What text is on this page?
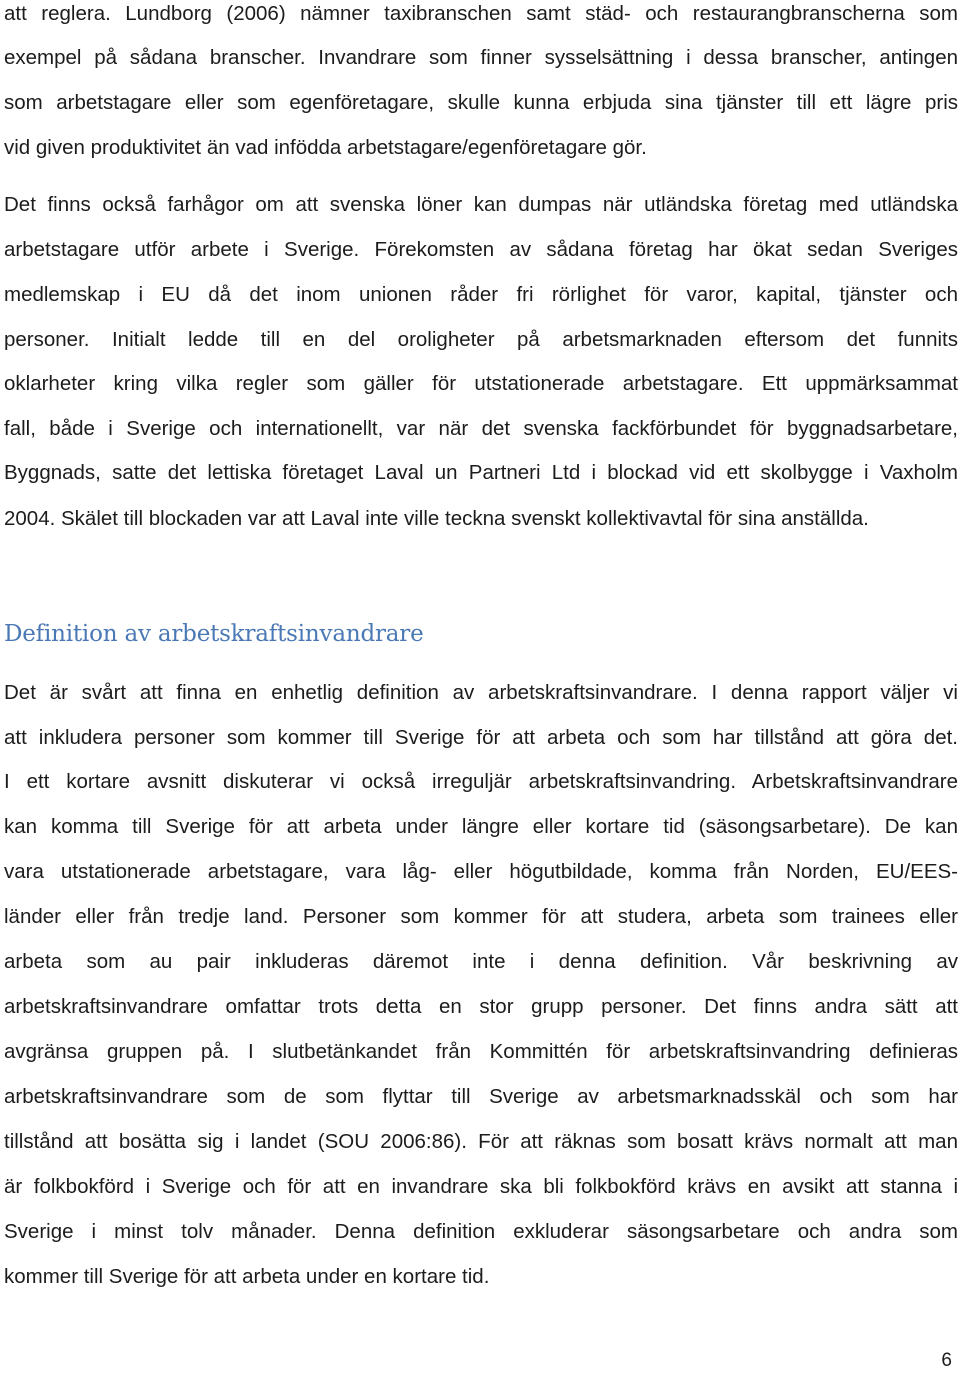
att reglera. Lundborg (2006) nämner taxibranschen samt städ- och restaurangbranscherna som
exempel på sådana branscher. Invandrare som finner sysselsättning i dessa branscher, antingen
som arbetstagare eller som egenföretagare, skulle kunna erbjuda sina tjänster till ett lägre pris
vid given produktivitet än vad infödda arbetstagare/egenföretagare gör.
Det finns också farhågor om att svenska löner kan dumpas när utländska företag med utländska
arbetstagare utför arbete i Sverige. Förekomsten av sådana företag har ökat sedan Sveriges
medlemskap i EU då det inom unionen råder fri rörlighet för varor, kapital, tjänster och
personer. Initialt ledde till en del oroligheter på arbetsmarknaden eftersom det funnits
oklarheter kring vilka regler som gäller för utstationerade arbetstagare. Ett uppmärksammat
fall, både i Sverige och internationellt, var när det svenska fackförbundet för byggnadsarbetare,
Byggnads, satte det lettiska företaget Laval un Partneri Ltd i blockad vid ett skolbygge i Vaxholm
2004. Skälet till blockaden var att Laval inte ville teckna svenskt kollektivavtal för sina anställda.
Definition av arbetskraftsinvandrare
Det är svårt att finna en enhetlig definition av arbetskraftsinvandrare. I denna rapport väljer vi
att inkludera personer som kommer till Sverige för att arbeta och som har tillstånd att göra det.
I ett kortare avsnitt diskuterar vi också irreguljär arbetskraftsinvandring. Arbetskraftsinvandrare
kan komma till Sverige för att arbeta under längre eller kortare tid (säsongsarbetare). De kan
vara utstationerade arbetstagare, vara låg- eller högutbildade, komma från Norden, EU/EES-
länder eller från tredje land. Personer som kommer för att studera, arbeta som trainees eller
arbeta som au pair inkluderas däremot inte i denna definition. Vår beskrivning av
arbetskraftsinvandrare omfattar trots detta en stor grupp personer. Det finns andra sätt att
avgränsa gruppen på. I slutbetänkandet från Kommittén för arbetskraftsinvandring definieras
arbetskraftsinvandrare som de som flyttar till Sverige av arbetsmarknadsskäl och som har
tillstånd att bosätta sig i landet (SOU 2006:86). För att räknas som bosatt krävs normalt att man
är folkbokförd i Sverige och för att en invandrare ska bli folkbokförd krävs en avsikt att stanna i
Sverige i minst tolv månader. Denna definition exkluderar säsongsarbetare och andra som
kommer till Sverige för att arbeta under en kortare tid.
6
